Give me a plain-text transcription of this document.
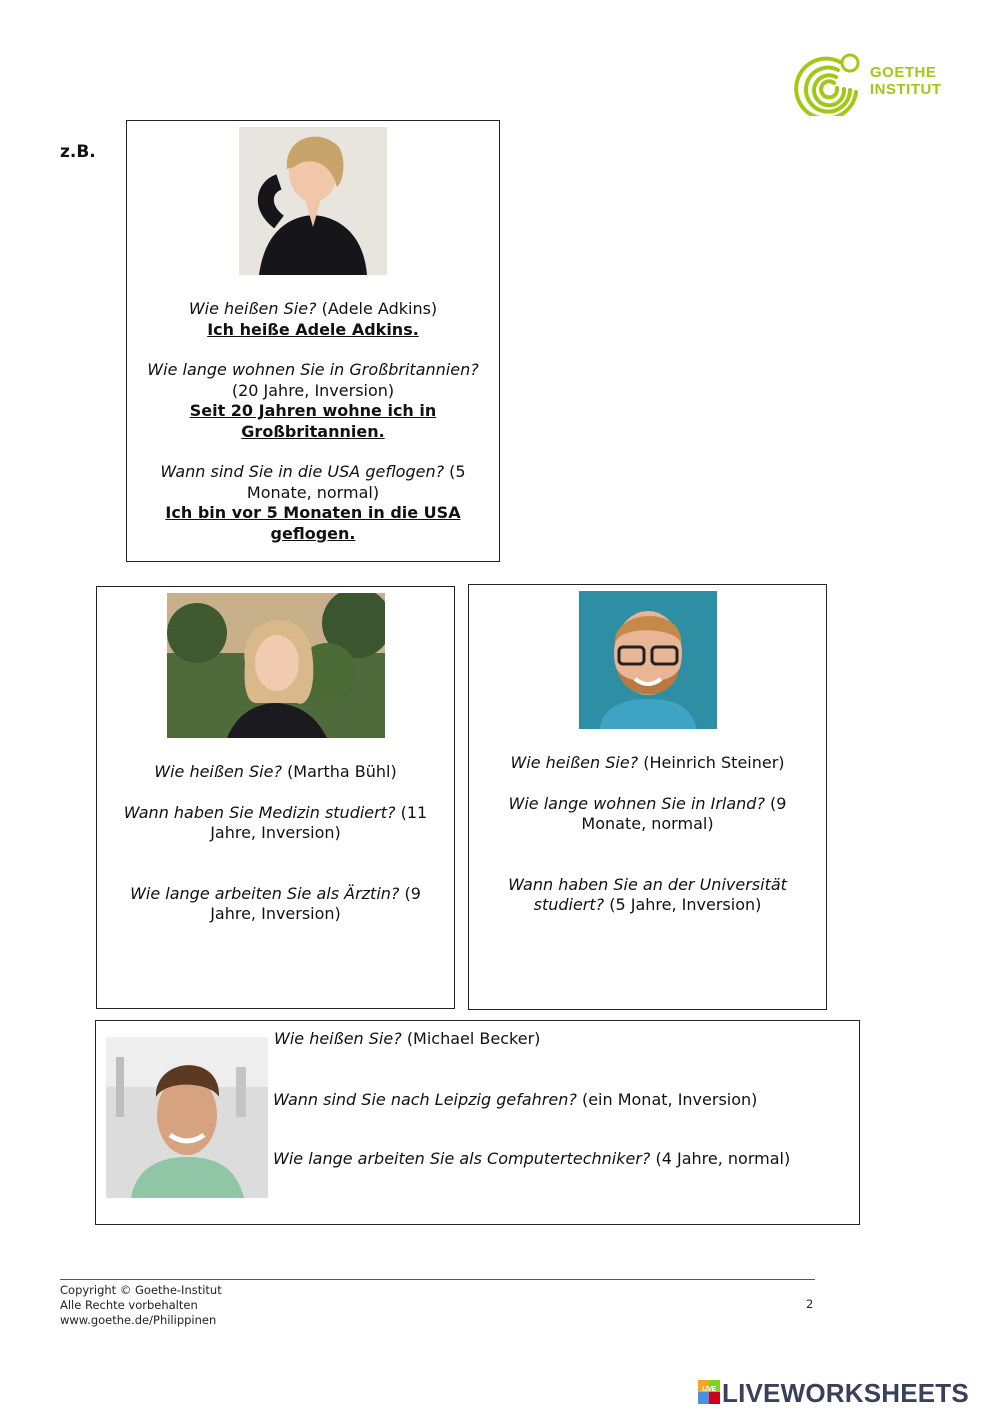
GOETHE
INSTITUT
z.B.
Wie heißen Sie? (Adele Adkins)
Ich heiße Adele Adkins.
Wie lange wohnen Sie in Großbritannien? (20 Jahre, Inversion)
Seit 20 Jahren wohne ich in Großbritannien.
Wann sind Sie in die USA geflogen? (5 Monate, normal)
Ich bin vor 5 Monaten in die USA geflogen.
Wie heißen Sie? (Martha Bühl)
Wann haben Sie Medizin studiert? (11 Jahre, Inversion)
Wie lange arbeiten Sie als Ärztin? (9 Jahre, Inversion)
Wie heißen Sie? (Heinrich Steiner)
Wie lange wohnen Sie in Irland? (9 Monate, normal)
Wann haben Sie an der Universität studiert? (5 Jahre, Inversion)
Wie heißen Sie? (Michael Becker)
Wann sind Sie nach Leipzig gefahren? (ein Monat, Inversion)
Wie lange arbeiten Sie als Computertechniker? (4 Jahre, normal)
Copyright © Goethe-Institut
Alle Rechte vorbehalten
www.goethe.de/Philippinen
2
LIVE LIVEWORKSHEETS
